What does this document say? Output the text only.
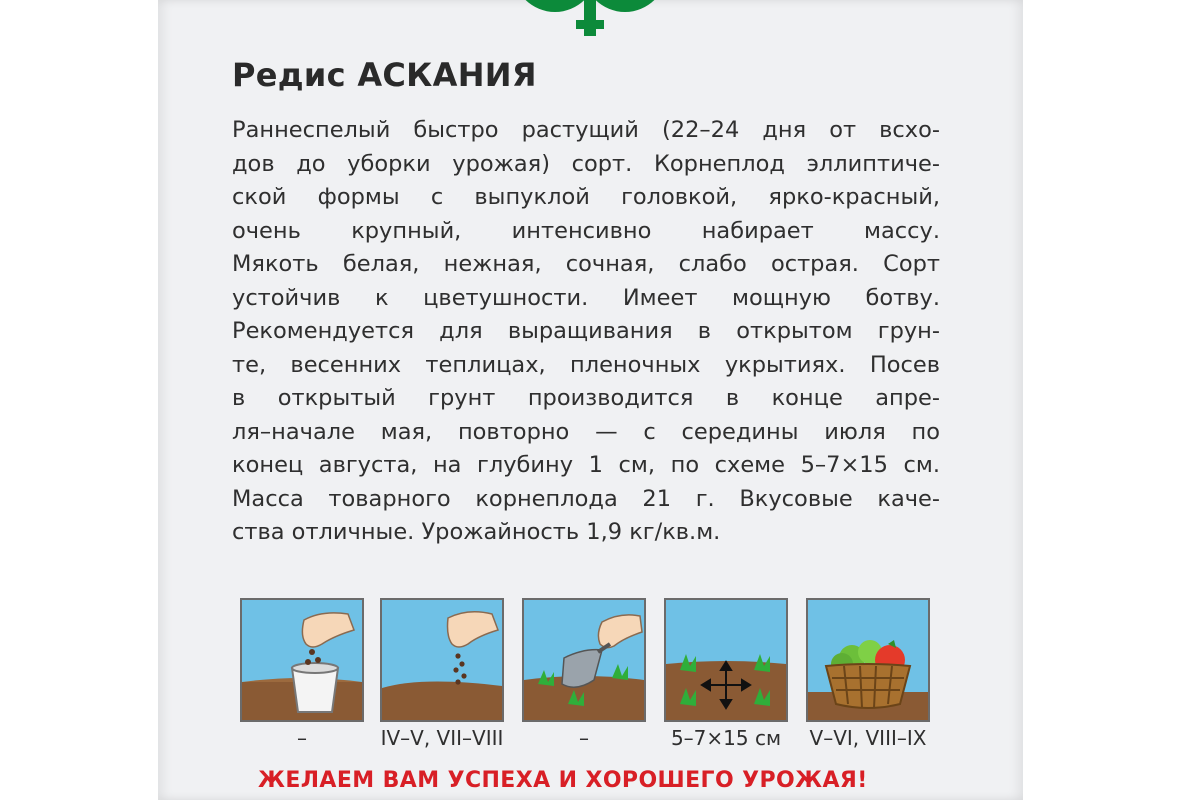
Редис АСКАНИЯ

Раннеспелый быстро растущий (22–24 дня от всхо-
дов до уборки урожая) сорт. Корнеплод эллиптиче-
ской формы с выпуклой головкой, ярко-красный,
очень крупный, интенсивно набирает массу.
Мякоть белая, нежная, сочная, слабо острая. Сорт
устойчив к цветушности. Имеет мощную ботву.
Рекомендуется для выращивания в открытом грун-
те, весенних теплицах, пленочных укрытиях. Посев
в открытый грунт производится в конце апре-
ля–начале мая, повторно — с середины июля по
конец августа, на глубину 1 см, по схеме 5–7×15 см.
Масса товарного корнеплода 21 г. Вкусовые каче-
ства отличные. Урожайность 1,9 кг/кв.м.

–	IV–V, VII–VIII	–	5–7×15 см	V–VI, VIII–IX
ЖЕЛАЕМ ВАМ УСПЕХА И ХОРОШЕГО УРОЖАЯ!
